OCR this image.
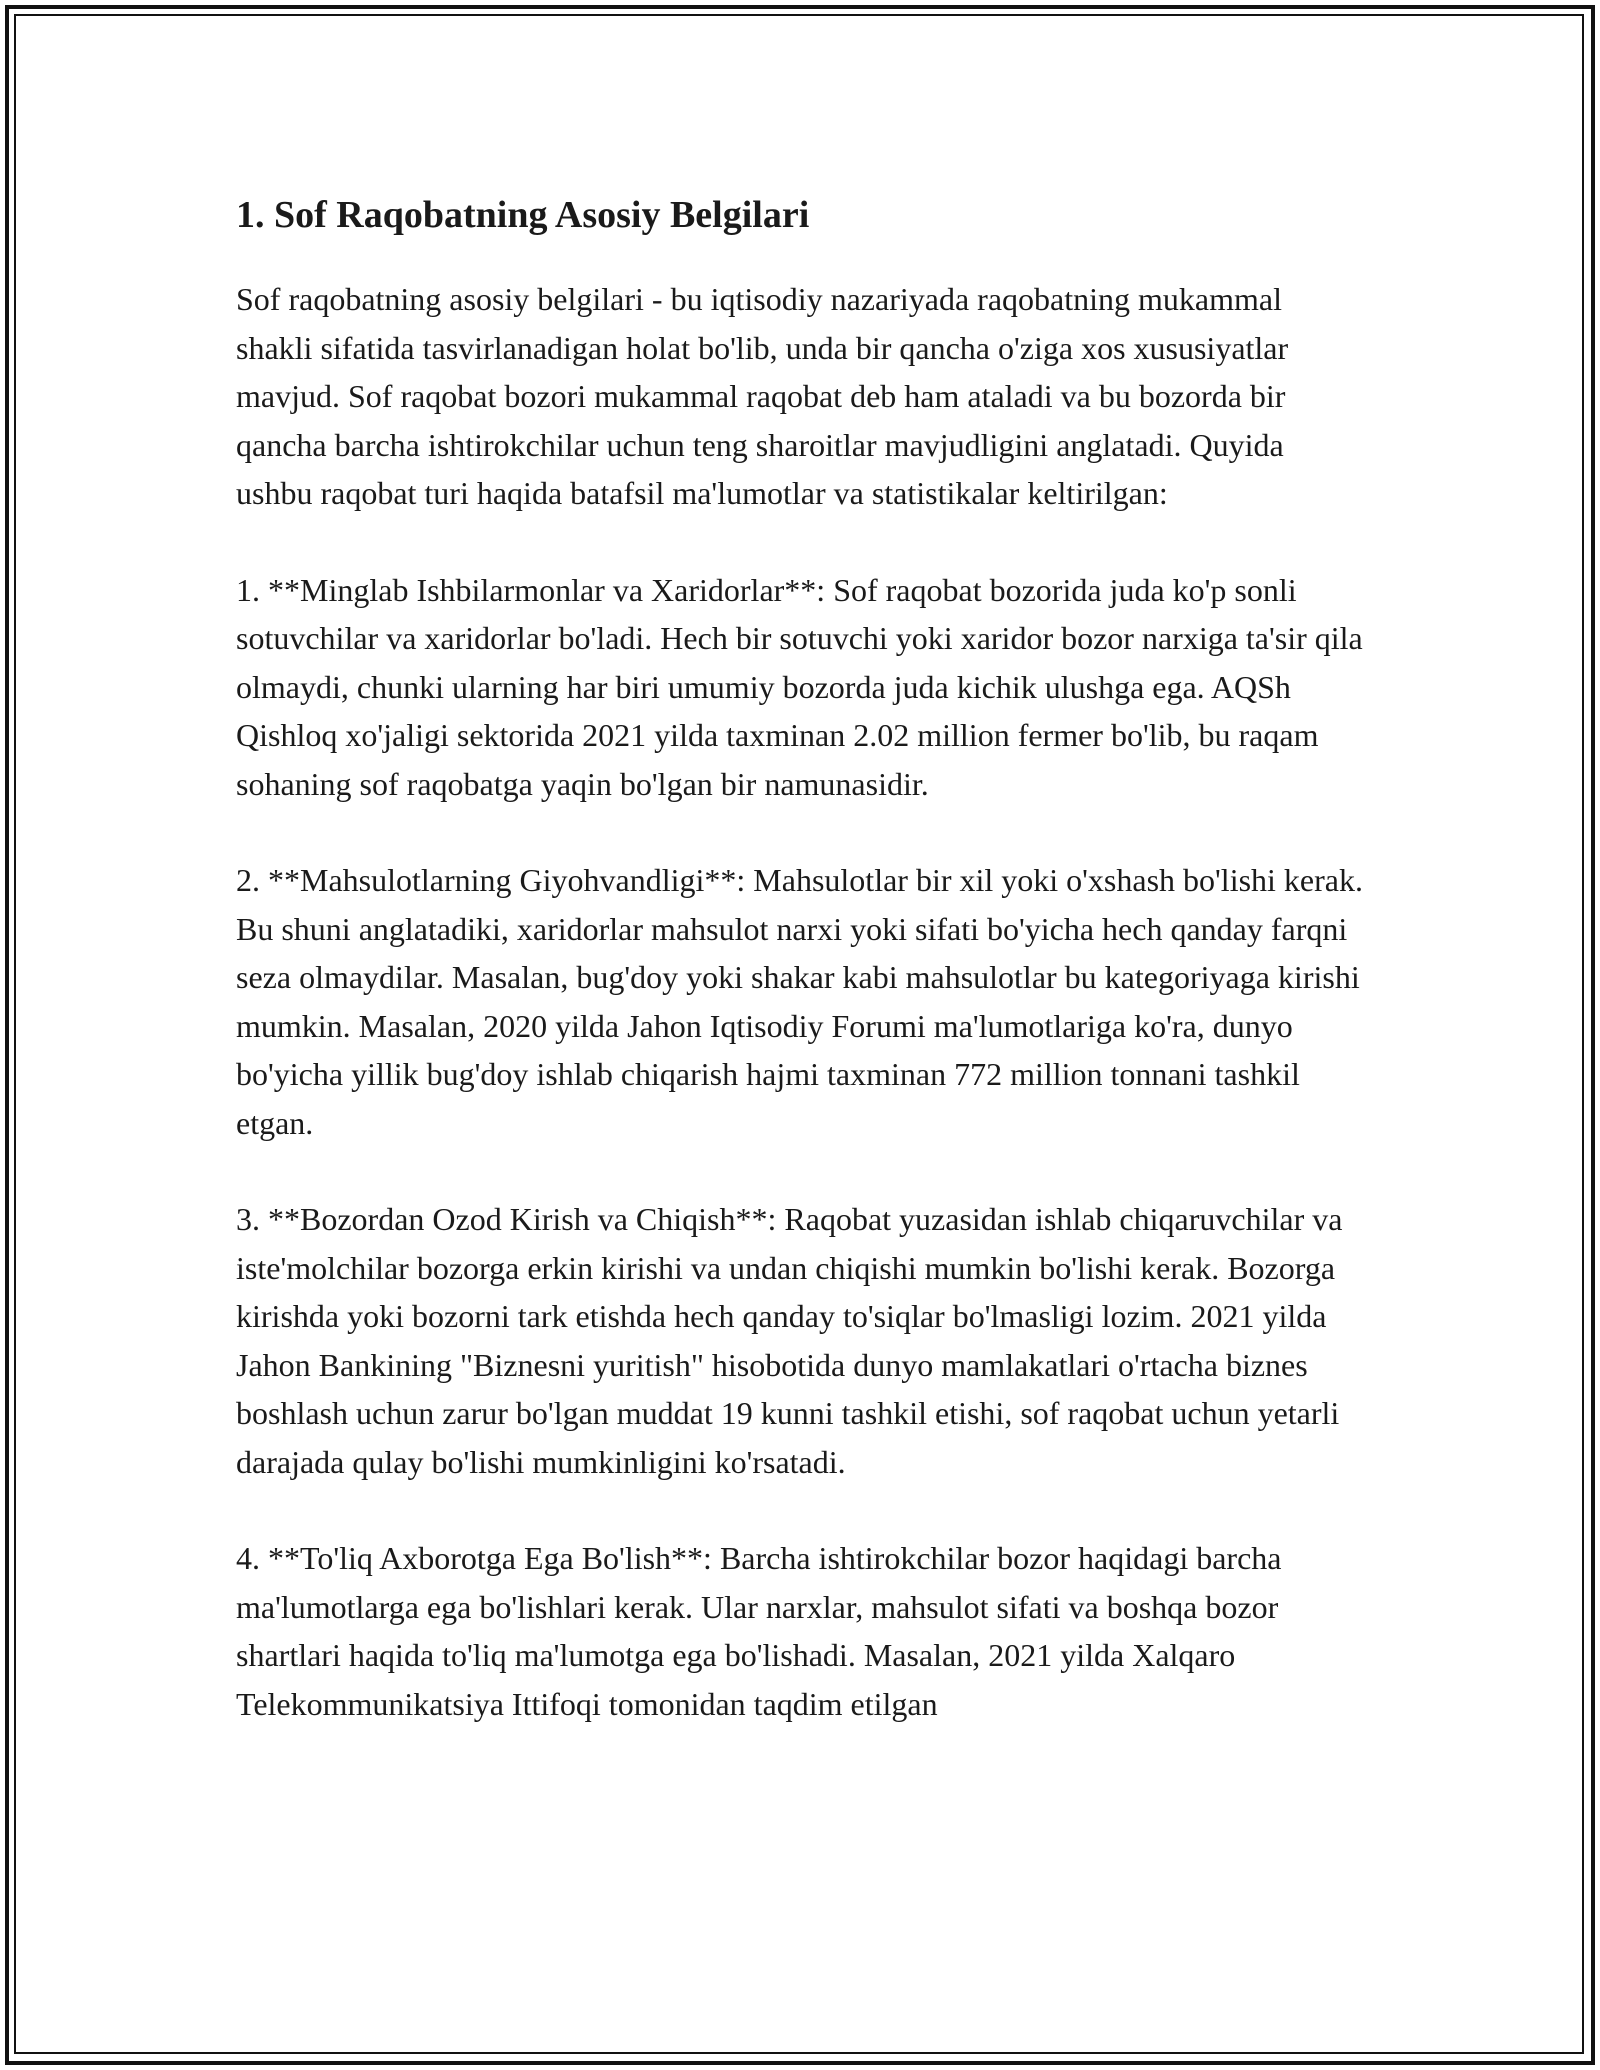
1. Sof Raqobatning Asosiy Belgilari

Sof raqobatning asosiy belgilari - bu iqtisodiy nazariyada raqobatning mukammal shakli sifatida tasvirlanadigan holat bo'lib, unda bir qancha o'ziga xos xususiyatlar mavjud. Sof raqobat bozori mukammal raqobat deb ham ataladi va bu bozorda bir qancha barcha ishtirokchilar uchun teng sharoitlar mavjudligini anglatadi. Quyida ushbu raqobat turi haqida batafsil ma'lumotlar va statistikalar keltirilgan:

1. **Minglab Ishbilarmonlar va Xaridorlar**: Sof raqobat bozorida juda ko'p sonli sotuvchilar va xaridorlar bo'ladi. Hech bir sotuvchi yoki xaridor bozor narxiga ta'sir qila olmaydi, chunki ularning har biri umumiy bozorda juda kichik ulushga ega. AQSh Qishloq xo'jaligi sektorida 2021 yilda taxminan 2.02 million fermer bo'lib, bu raqam sohaning sof raqobatga yaqin bo'lgan bir namunasidir.

2. **Mahsulotlarning Giyohvandligi**: Mahsulotlar bir xil yoki o'xshash bo'lishi kerak. Bu shuni anglatadiki, xaridorlar mahsulot narxi yoki sifati bo'yicha hech qanday farqni seza olmaydilar. Masalan, bug'doy yoki shakar kabi mahsulotlar bu kategoriyaga kirishi mumkin. Masalan, 2020 yilda Jahon Iqtisodiy Forumi ma'lumotlariga ko'ra, dunyo bo'yicha yillik bug'doy ishlab chiqarish hajmi taxminan 772 million tonnani tashkil etgan.

3. **Bozordan Ozod Kirish va Chiqish**: Raqobat yuzasidan ishlab chiqaruvchilar va iste'molchilar bozorga erkin kirishi va undan chiqishi mumkin bo'lishi kerak. Bozorga kirishda yoki bozorni tark etishda hech qanday to'siqlar bo'lmasligi lozim. 2021 yilda Jahon Bankining "Biznesni yuritish" hisobotida dunyo mamlakatlari o'rtacha biznes boshlash uchun zarur bo'lgan muddat 19 kunni tashkil etishi, sof raqobat uchun yetarli darajada qulay bo'lishi mumkinligini ko'rsatadi.

4. **To'liq Axborotga Ega Bo'lish**: Barcha ishtirokchilar bozor haqidagi barcha ma'lumotlarga ega bo'lishlari kerak. Ular narxlar, mahsulot sifati va boshqa bozor shartlari haqida to'liq ma'lumotga ega bo'lishadi. Masalan, 2021 yilda Xalqaro Telekommunikatsiya Ittifoqi tomonidan taqdim etilgan
